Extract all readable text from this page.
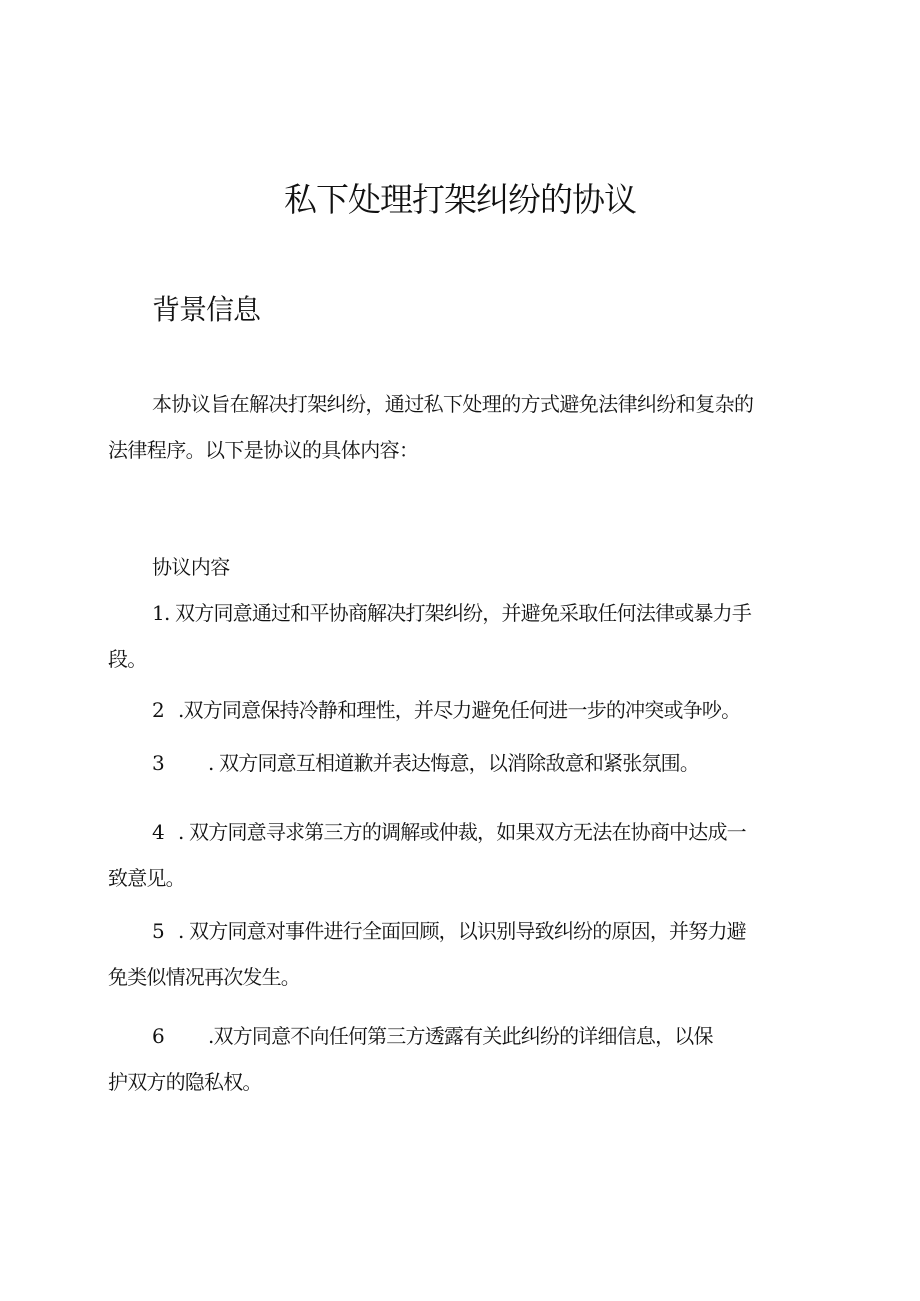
私下处理打架纠纷的协议
背景信息
本协议旨在解决打架纠纷，通过私下处理的方式避免法律纠纷和复杂的
法律程序。以下是协议的具体内容：
协议内容
1. 双方同意通过和平协商解决打架纠纷，并避免采取任何法律或暴力手
段。
2 .双方同意保持冷静和理性，并尽力避免任何进一步的冲突或争吵。
3 . 双方同意互相道歉并表达悔意，以消除敌意和紧张氛围。
4 . 双方同意寻求第三方的调解或仲裁，如果双方无法在协商中达成一
致意见。
5 . 双方同意对事件进行全面回顾，以识别导致纠纷的原因，并努力避
免类似情况再次发生。
6 .双方同意不向任何第三方透露有关此纠纷的详细信息，以保
护双方的隐私权。
